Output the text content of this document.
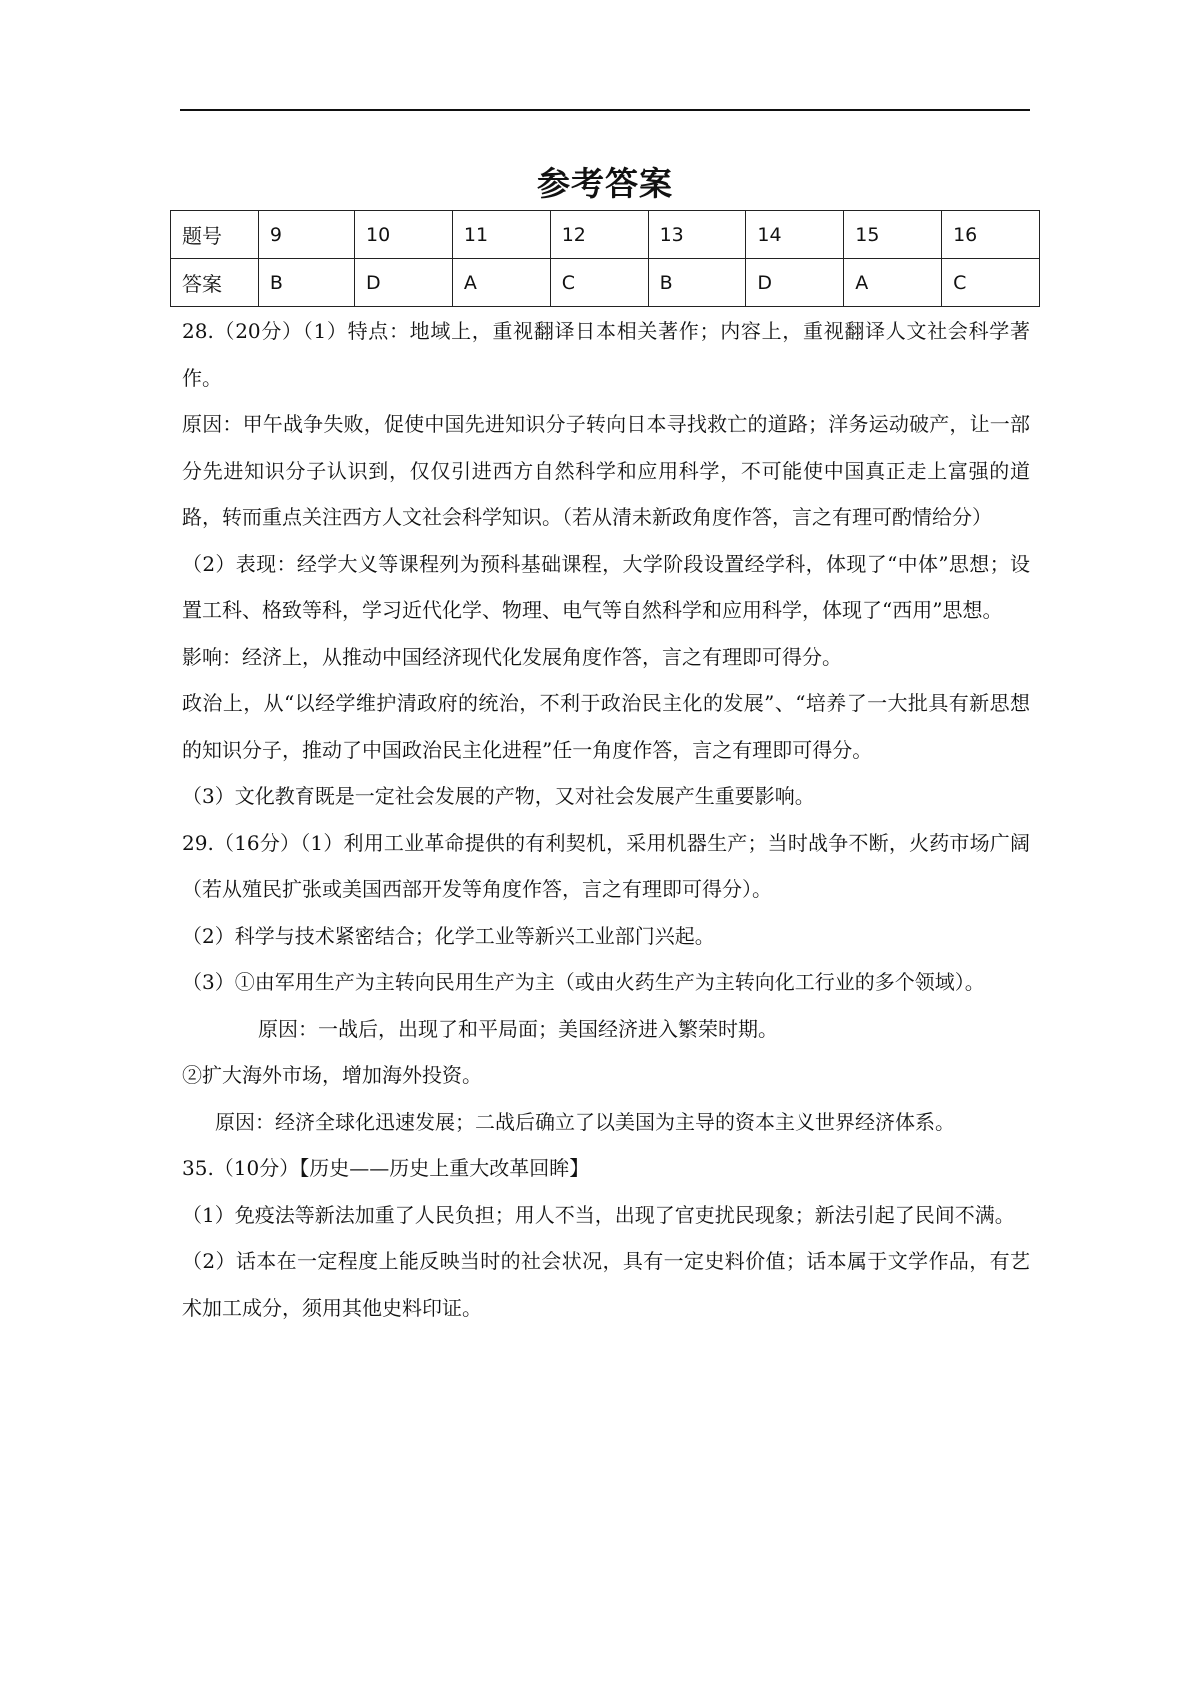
参考答案
题号	9	10	11	12	13	14	15	16
答案	B	D	A	C	B	D	A	C

28.（20分）（1）特点：地域上，重视翻译日本相关著作；内容上，重视翻译人文社会科学著作。

原因：甲午战争失败，促使中国先进知识分子转向日本寻找救亡的道路；洋务运动破产，让一部分先进知识分子认识到，仅仅引进西方自然科学和应用科学，不可能使中国真正走上富强的道路，转而重点关注西方人文社会科学知识。（若从清未新政角度作答，言之有理可酌情给分）

（2）表现：经学大义等课程列为预科基础课程，大学阶段设置经学科，体现了“中体”思想；设置工科、格致等科，学习近代化学、物理、电气等自然科学和应用科学，体现了“西用”思想。

影响：经济上，从推动中国经济现代化发展角度作答，言之有理即可得分。

政治上，从“以经学维护清政府的统治，不利于政治民主化的发展”、“培养了一大批具有新思想的知识分子，推动了中国政治民主化进程”任一角度作答，言之有理即可得分。

（3）文化教育既是一定社会发展的产物，又对社会发展产生重要影响。

29.（16分）（1）利用工业革命提供的有利契机，采用机器生产；当时战争不断，火药市场广阔（若从殖民扩张或美国西部开发等角度作答，言之有理即可得分）。

（2）科学与技术紧密结合；化学工业等新兴工业部门兴起。

（3）①由军用生产为主转向民用生产为主（或由火药生产为主转向化工行业的多个领域）。

原因：一战后，出现了和平局面；美国经济进入繁荣时期。

②扩大海外市场，增加海外投资。

原因：经济全球化迅速发展；二战后确立了以美国为主导的资本主义世界经济体系。

35.（10分）【历史——历史上重大改革回眸】

（1）免疫法等新法加重了人民负担；用人不当，出现了官吏扰民现象；新法引起了民间不满。

（2）话本在一定程度上能反映当时的社会状况，具有一定史料价值；话本属于文学作品，有艺术加工成分，须用其他史料印证。
